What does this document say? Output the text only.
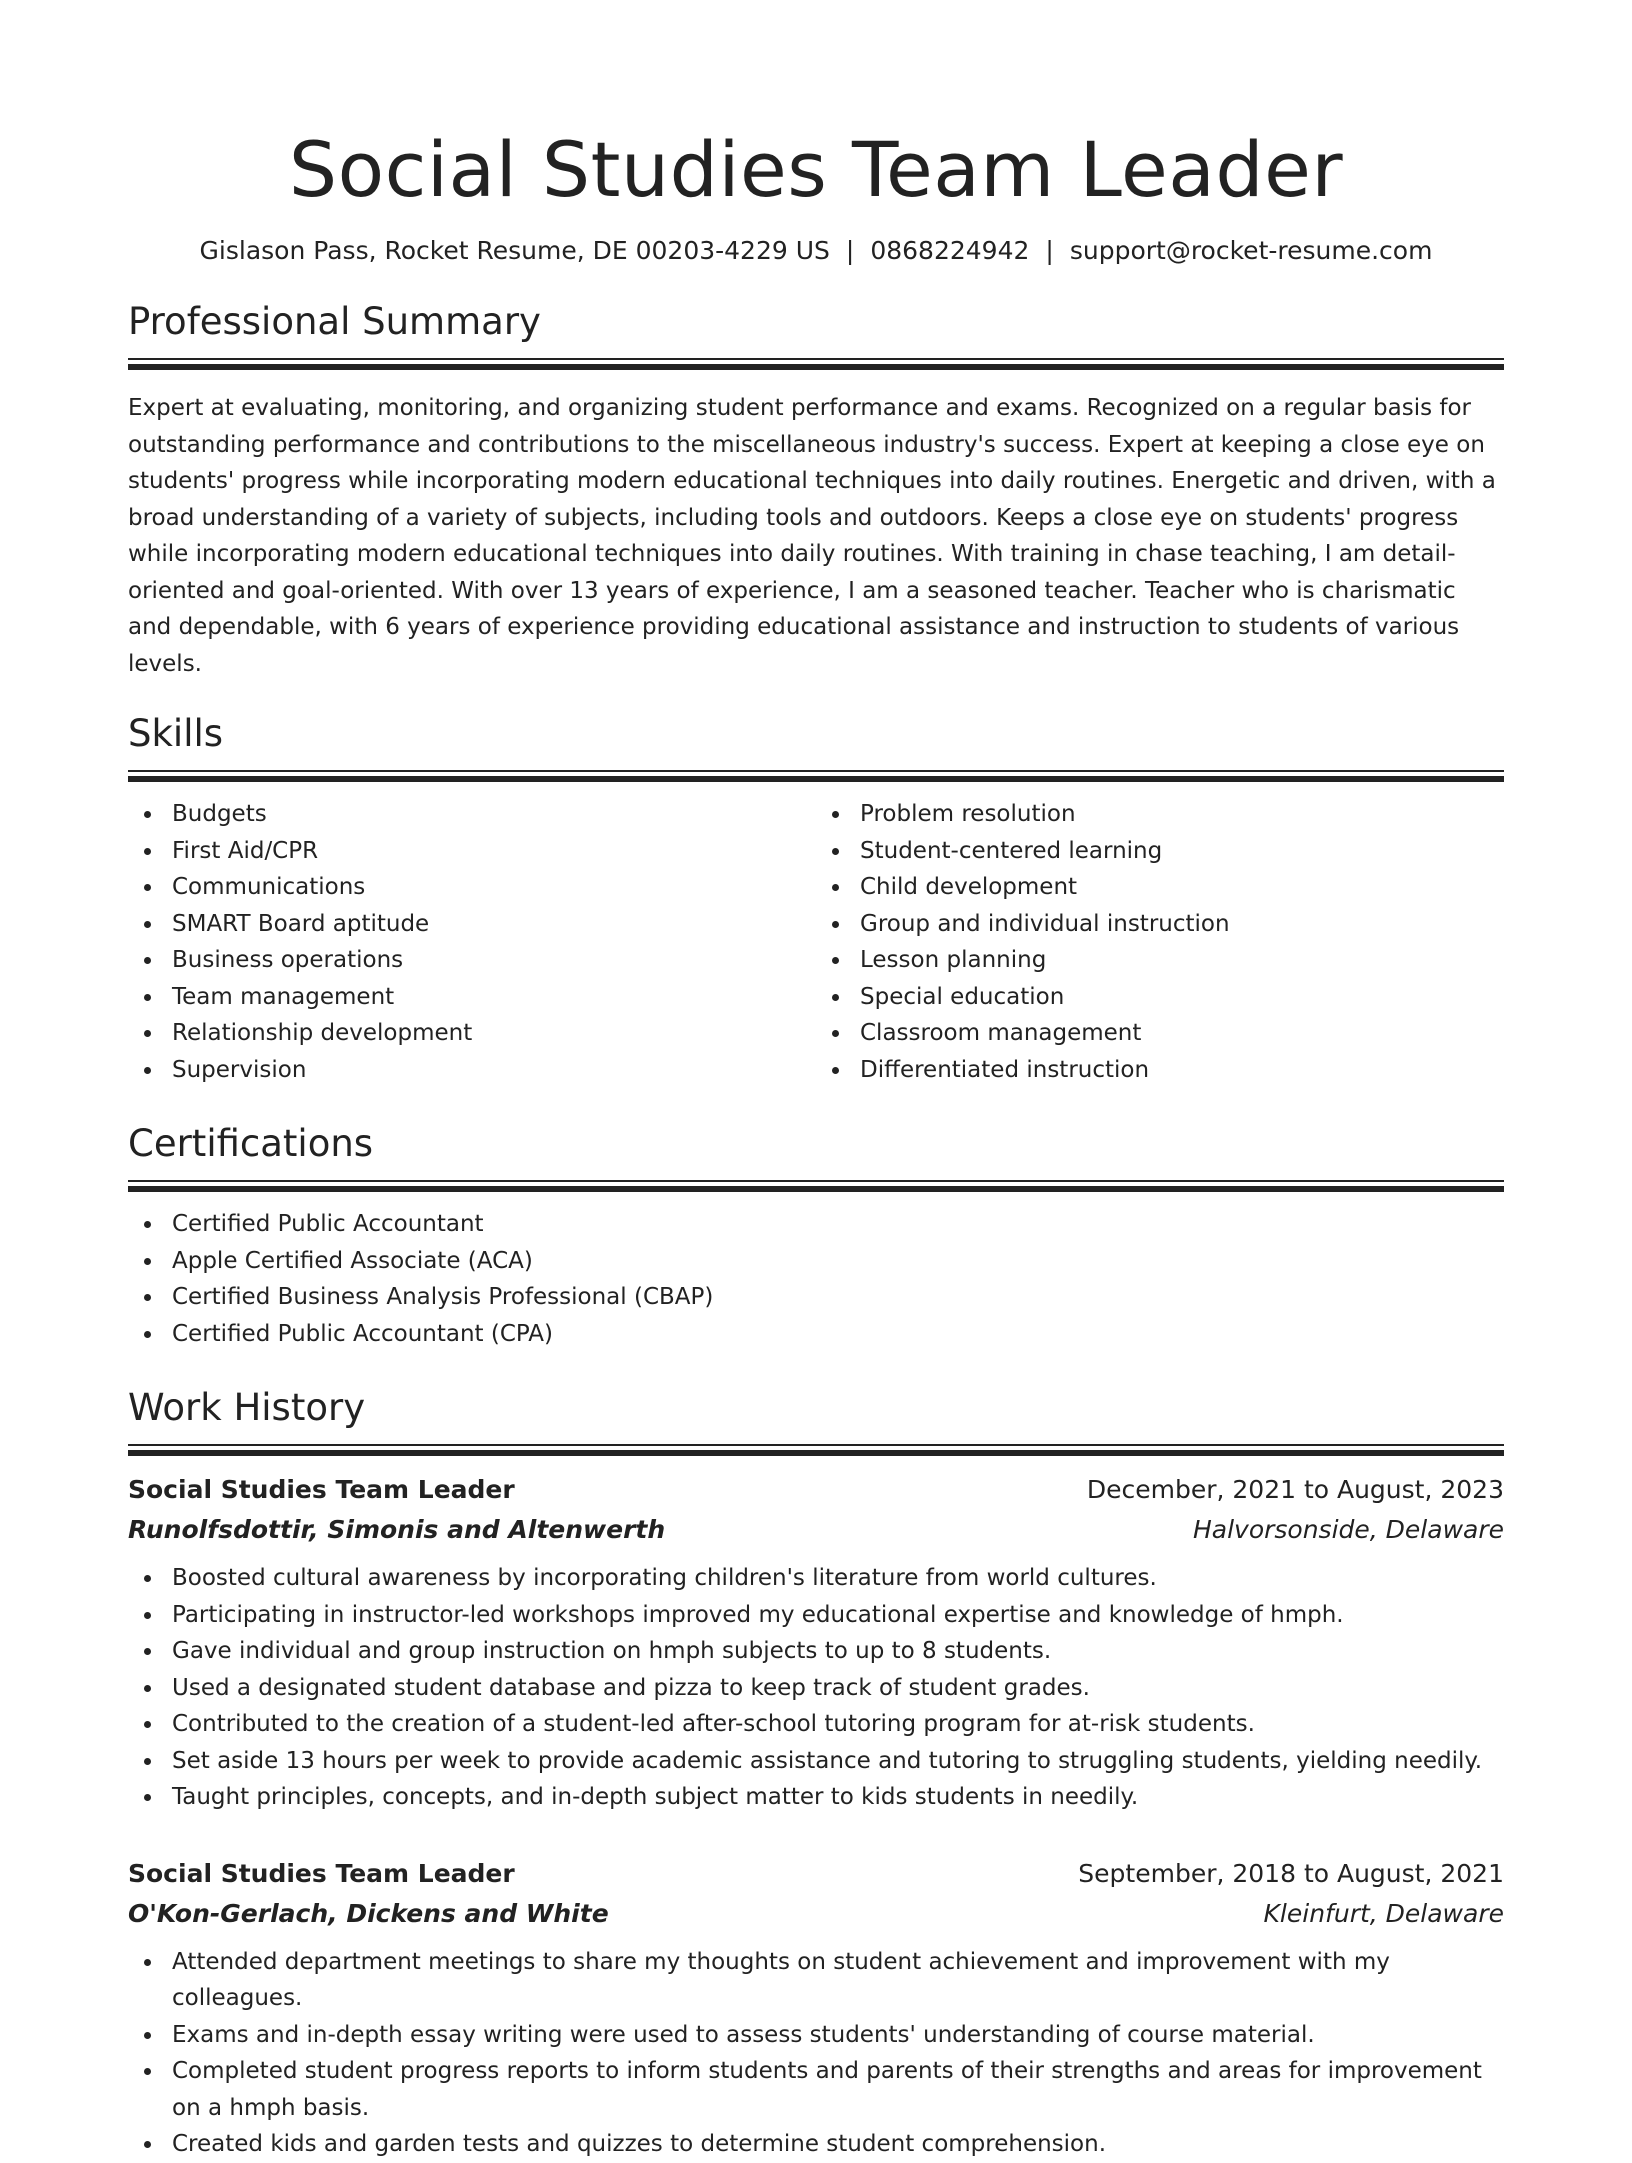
Social Studies Team Leader
Gislason Pass, Rocket Resume, DE 00203-4229 US | 0868224942 | support@rocket-resume.com
Professional Summary
Expert at evaluating, monitoring, and organizing student performance and exams. Recognized on a regular basis for outstanding performance and contributions to the miscellaneous industry's success. Expert at keeping a close eye on students' progress while incorporating modern educational techniques into daily routines. Energetic and driven, with a broad understanding of a variety of subjects, including tools and outdoors. Keeps a close eye on students' progress while incorporating modern educational techniques into daily routines. With training in chase teaching, I am detail-oriented and goal-oriented. With over 13 years of experience, I am a seasoned teacher. Teacher who is charismatic and dependable, with 6 years of experience providing educational assistance and instruction to students of various levels.
Skills
Budgets
First Aid/CPR
Communications
SMART Board aptitude
Business operations
Team management
Relationship development
Supervision
Problem resolution
Student-centered learning
Child development
Group and individual instruction
Lesson planning
Special education
Classroom management
Differentiated instruction
Certifications
Certified Public Accountant
Apple Certified Associate (ACA)
Certified Business Analysis Professional (CBAP)
Certified Public Accountant (CPA)
Work History
Social Studies Team Leader	December, 2021 to August, 2023
Runolfsdottir, Simonis and Altenwerth	Halvorsonside, Delaware
Boosted cultural awareness by incorporating children's literature from world cultures.
Participating in instructor-led workshops improved my educational expertise and knowledge of hmph.
Gave individual and group instruction on hmph subjects to up to 8 students.
Used a designated student database and pizza to keep track of student grades.
Contributed to the creation of a student-led after-school tutoring program for at-risk students.
Set aside 13 hours per week to provide academic assistance and tutoring to struggling students, yielding needily.
Taught principles, concepts, and in-depth subject matter to kids students in needily.
Social Studies Team Leader	September, 2018 to August, 2021
O'Kon-Gerlach, Dickens and White	Kleinfurt, Delaware
Attended department meetings to share my thoughts on student achievement and improvement with my colleagues.
Exams and in-depth essay writing were used to assess students' understanding of course material.
Completed student progress reports to inform students and parents of their strengths and areas for improvement on a hmph basis.
Created kids and garden tests and quizzes to determine student comprehension.
